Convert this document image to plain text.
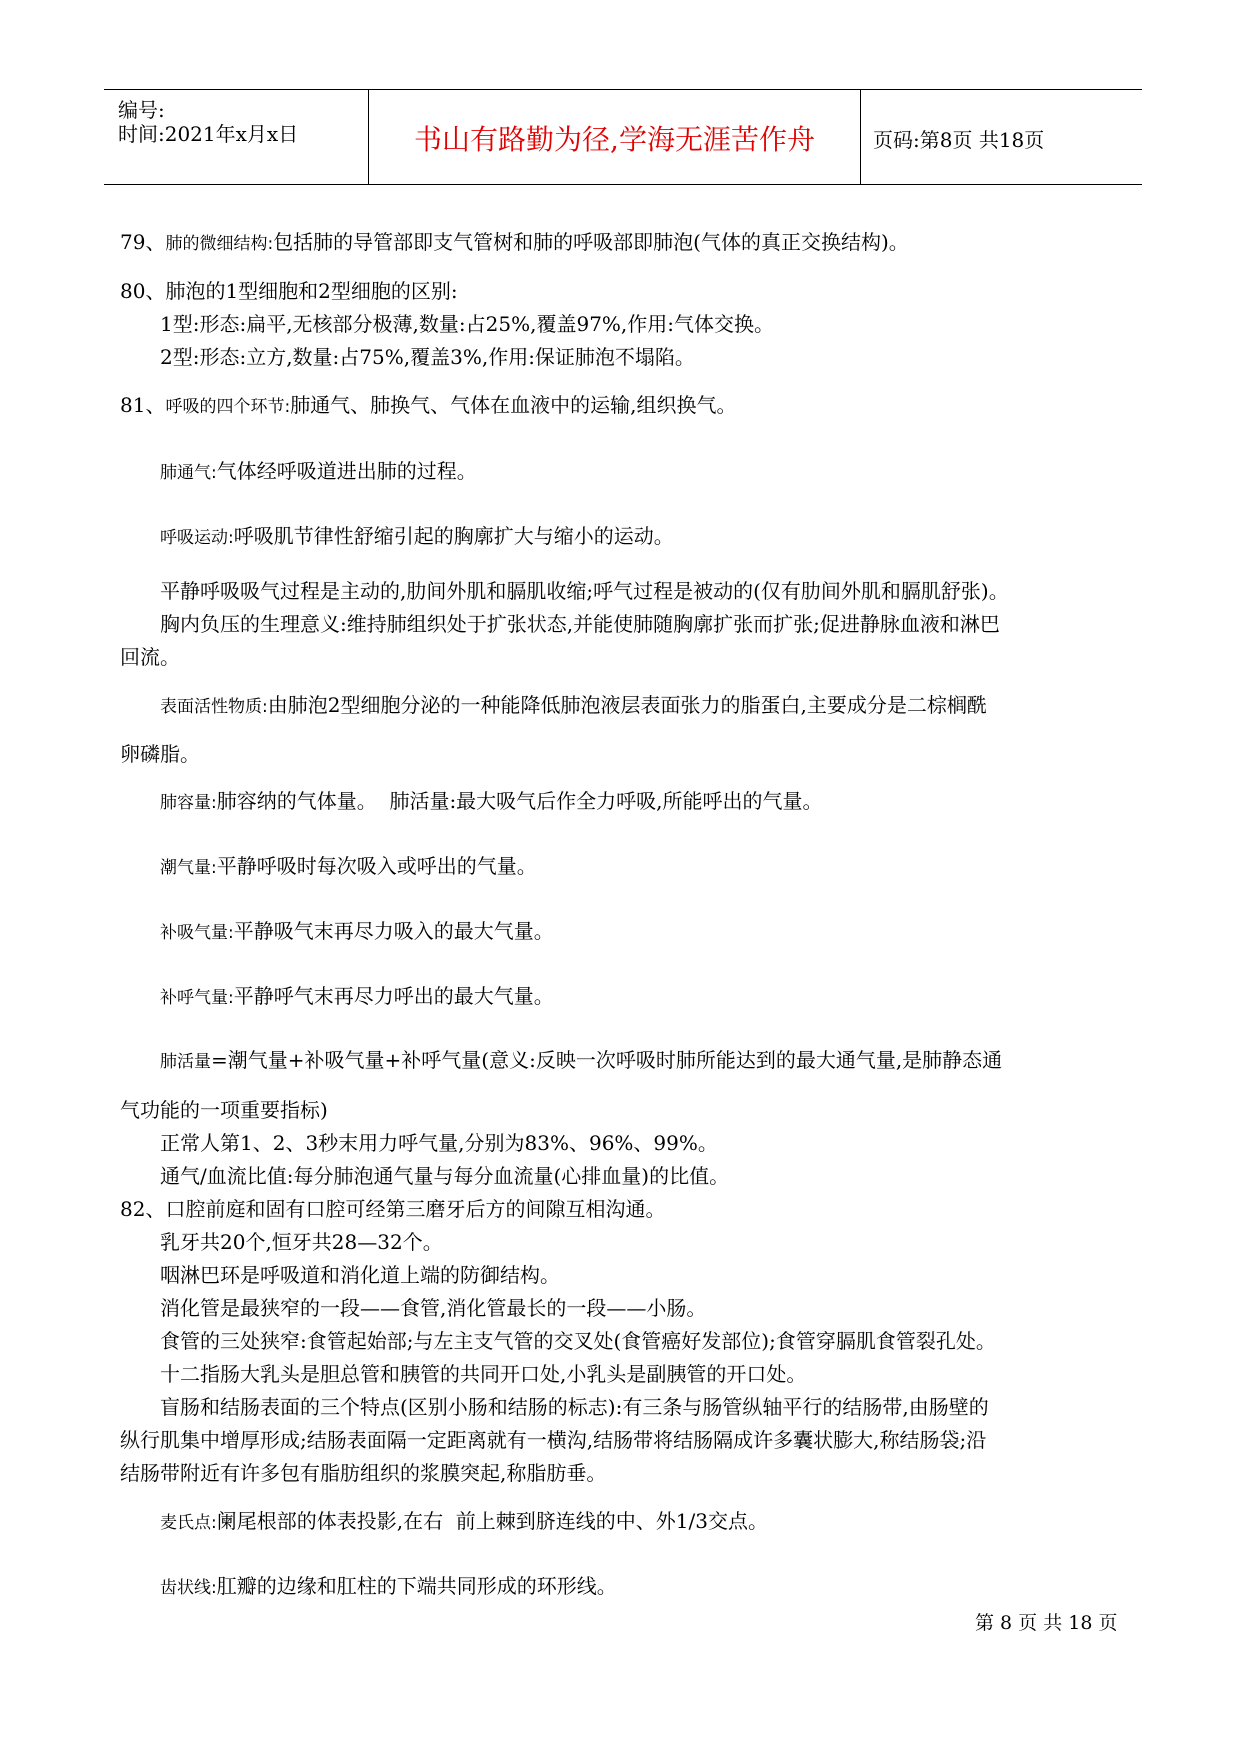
编号:
时间:2021年x月x日	书山有路勤为径,学海无涯苦作舟	页码:第8页 共18页
79、肺的微细结构:包括肺的导管部即支气管树和肺的呼吸部即肺泡(气体的真正交换结构)。
80、肺泡的1型细胞和2型细胞的区别:
1型:形态:扁平,无核部分极薄,数量:占25%,覆盖97%,作用:气体交换。
2型:形态:立方,数量:占75%,覆盖3%,作用:保证肺泡不塌陷。
81、呼吸的四个环节:肺通气、肺换气、气体在血液中的运输,组织换气。
肺通气:气体经呼吸道进出肺的过程。
呼吸运动:呼吸肌节律性舒缩引起的胸廓扩大与缩小的运动。
平静呼吸吸气过程是主动的,肋间外肌和膈肌收缩;呼气过程是被动的(仅有肋间外肌和膈肌舒张)。
胸内负压的生理意义:维持肺组织处于扩张状态,并能使肺随胸廓扩张而扩张;促进静脉血液和淋巴
回流。
表面活性物质:由肺泡2型细胞分泌的一种能降低肺泡液层表面张力的脂蛋白,主要成分是二棕榈酰
卵磷脂。
肺容量:肺容纳的气体量。  肺活量:最大吸气后作全力呼吸,所能呼出的气量。
潮气量:平静呼吸时每次吸入或呼出的气量。
补吸气量:平静吸气末再尽力吸入的最大气量。
补呼气量:平静呼气末再尽力呼出的最大气量。
肺活量=潮气量+补吸气量+补呼气量(意义:反映一次呼吸时肺所能达到的最大通气量,是肺静态通
气功能的一项重要指标)
正常人第1、2、3秒末用力呼气量,分别为83%、96%、99%。
通气/血流比值:每分肺泡通气量与每分血流量(心排血量)的比值。
82、口腔前庭和固有口腔可经第三磨牙后方的间隙互相沟通。
乳牙共20个,恒牙共28—32个。
咽淋巴环是呼吸道和消化道上端的防御结构。
消化管是最狭窄的一段——食管,消化管最长的一段——小肠。
食管的三处狭窄:食管起始部;与左主支气管的交叉处(食管癌好发部位);食管穿膈肌食管裂孔处。
十二指肠大乳头是胆总管和胰管的共同开口处,小乳头是副胰管的开口处。
盲肠和结肠表面的三个特点(区别小肠和结肠的标志):有三条与肠管纵轴平行的结肠带,由肠壁的
纵行肌集中增厚形成;结肠表面隔一定距离就有一横沟,结肠带将结肠隔成许多囊状膨大,称结肠袋;沿
结肠带附近有许多包有脂肪组织的浆膜突起,称脂肪垂。
麦氏点:阑尾根部的体表投影,在右  前上棘到脐连线的中、外1/3交点。
齿状线:肛瓣的边缘和肛柱的下端共同形成的环形线。
第 8 页 共 18 页
